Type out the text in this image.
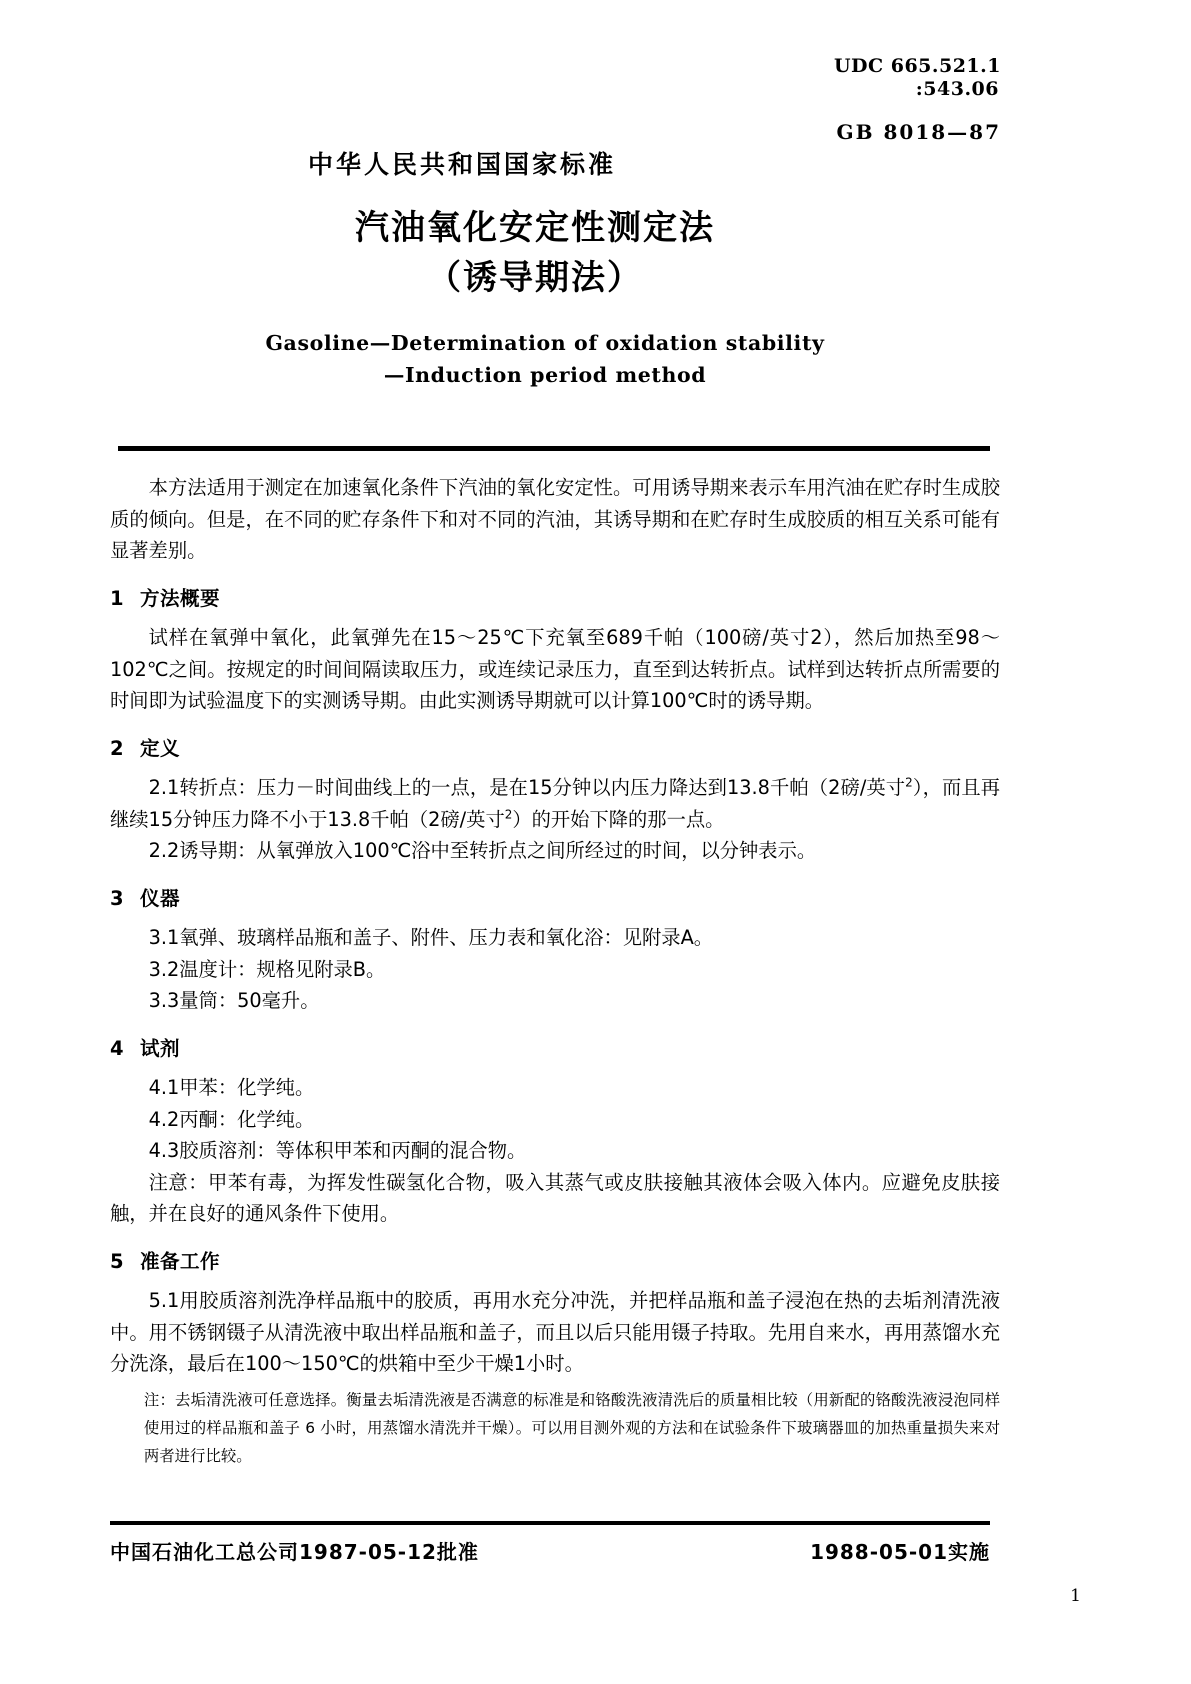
中华人民共和国国家标准
汽油氧化安定性测定法
（诱导期法）
Gasoline—Determination of oxidation stability
—Induction period method
UDC 665.521.1
:543.06
GB 8018—87

本方法适用于测定在加速氧化条件下汽油的氧化安定性。可用诱导期来表示车用汽油在贮存时生成胶质的倾向。但是，在不同的贮存条件下和对不同的汽油，其诱导期和在贮存时生成胶质的相互关系可能有显著差别。

1 方法概要

试样在氧弹中氧化，此氧弹先在15～25℃下充氧至689千帕（100磅/英寸2），然后加热至98～102℃之间。按规定的时间间隔读取压力，或连续记录压力，直至到达转折点。试样到达转折点所需要的时间即为试验温度下的实测诱导期。由此实测诱导期就可以计算100℃时的诱导期。

2 定义

2.1转折点：压力－时间曲线上的一点，是在15分钟以内压力降达到13.8千帕（2磅/英寸$^2$），而且再继续15分钟压力降不小于13.8千帕（2磅/英寸$^2$）的开始下降的那一点。

2.2诱导期：从氧弹放入100℃浴中至转折点之间所经过的时间，以分钟表示。

3 仪器

3.1氧弹、玻璃样品瓶和盖子、附件、压力表和氧化浴：见附录A。

3.2温度计：规格见附录B。

3.3量筒：50毫升。

4 试剂

4.1甲苯：化学纯。

4.2丙酮：化学纯。

4.3胶质溶剂：等体积甲苯和丙酮的混合物。

注意：甲苯有毒，为挥发性碳氢化合物，吸入其蒸气或皮肤接触其液体会吸入体内。应避免皮肤接触，并在良好的通风条件下使用。

5 准备工作

5.1用胶质溶剂洗净样品瓶中的胶质，再用水充分冲洗，并把样品瓶和盖子浸泡在热的去垢剂清洗液中。用不锈钢镊子从清洗液中取出样品瓶和盖子，而且以后只能用镊子持取。先用自来水，再用蒸馏水充分洗涤，最后在100～150℃的烘箱中至少干燥1小时。

注：去垢清洗液可任意选择。衡量去垢清洗液是否满意的标准是和铬酸洗液清洗后的质量相比较（用新配的铬酸洗液浸泡同样使用过的样品瓶和盖子 6 小时，用蒸馏水清洗并干燥）。可以用目测外观的方法和在试验条件下玻璃器皿的加热重量损失来对两者进行比较。

中国石油化工总公司1987-05-12批准	1988-05-01实施
1
